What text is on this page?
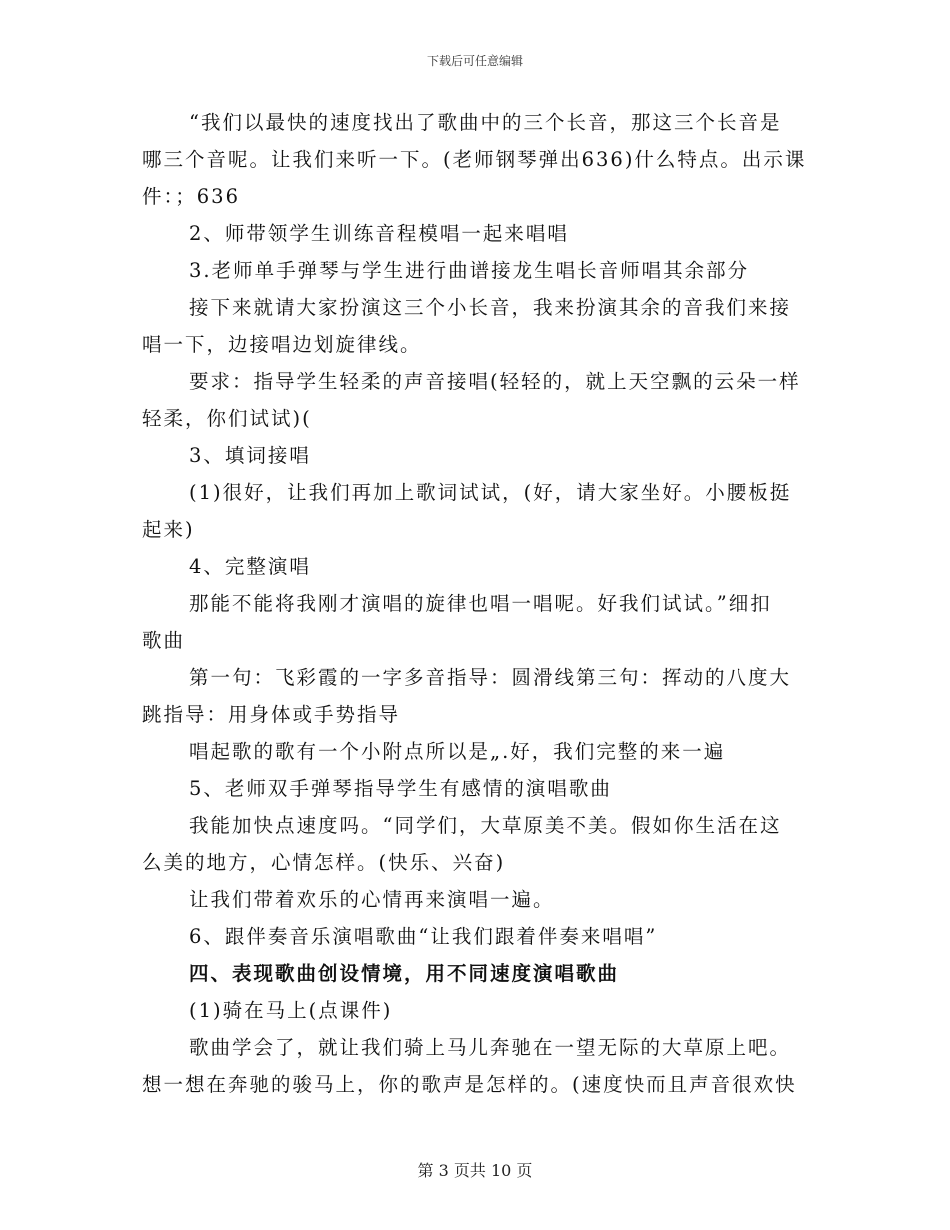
下载后可任意编辑
“我们以最快的速度找出了歌曲中的三个长音，那这三个长音是
哪三个音呢。让我们来听一下。(老师钢琴弹出636)什么特点。出示课
件：；636
2、师带领学生训练音程模唱一起来唱唱
3.老师单手弹琴与学生进行曲谱接龙生唱长音师唱其余部分
接下来就请大家扮演这三个小长音，我来扮演其余的音我们来接
唱一下，边接唱边划旋律线。
要求：指导学生轻柔的声音接唱(轻轻的，就上天空飘的云朵一样
轻柔，你们试试)(
3、填词接唱
(1)很好，让我们再加上歌词试试，(好，请大家坐好。小腰板挺
起来)
4、完整演唱
那能不能将我刚才演唱的旋律也唱一唱呢。好我们试试。”细扣
歌曲
第一句：飞彩霞的一字多音指导：圆滑线第三句：挥动的八度大
跳指导：用身体或手势指导
唱起歌的歌有一个小附点所以是„.好，我们完整的来一遍
5、老师双手弹琴指导学生有感情的演唱歌曲
我能加快点速度吗。“同学们，大草原美不美。假如你生活在这
么美的地方，心情怎样。(快乐、兴奋)
让我们带着欢乐的心情再来演唱一遍。
6、跟伴奏音乐演唱歌曲“让我们跟着伴奏来唱唱”
四、表现歌曲创设情境，用不同速度演唱歌曲
(1)骑在马上(点课件)
歌曲学会了，就让我们骑上马儿奔驰在一望无际的大草原上吧。
想一想在奔驰的骏马上，你的歌声是怎样的。(速度快而且声音很欢快
第 3 页共 10 页
